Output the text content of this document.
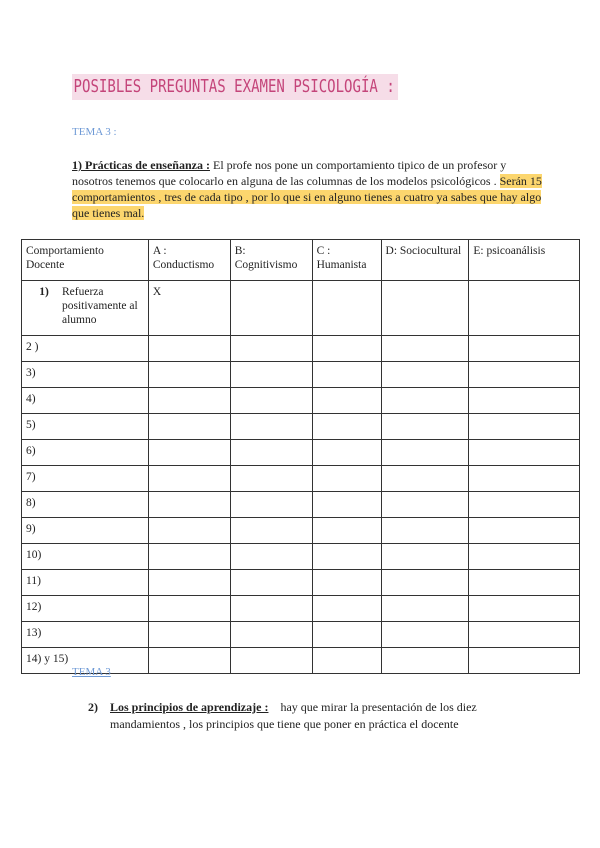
POSIBLES PREGUNTAS EXAMEN PSICOLOGÍA :
TEMA 3 :
1) Prácticas de enseñanza : El profe nos pone un comportamiento tipico de un profesor y nosotros tenemos que colocarlo en alguna de las columnas de los modelos psicológicos . Serán 15 comportamientos , tres de cada tipo , por lo que si en alguno tienes a cuatro ya sabes que hay algo que tienes mal.
Comportamiento Docente	A : Conductismo	B: Cognitivismo	C : Humanista	D: Sociocultural	E: psicoanálisis

1) Refuerza positivamente al alumno	X				
2 )					
3)					
4)					
5)					
6)					
7)					
8)					
9)					
10)					
11)					
12)					
13)					
14) y 15)					
TEMA 3
2) Los principios de aprendizaje :    hay que mirar la presentación de los diez
mandamientos , los principios que tiene que poner en práctica el docente
